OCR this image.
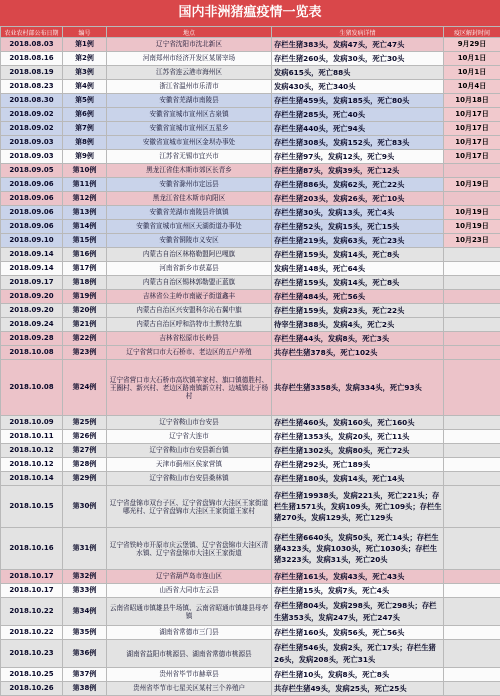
国内非洲猪瘟疫情一览表
农业农村部公布日期	编号	地点	生猪发病详情	疫区解封时间
2018.08.03	第1例	辽宁省沈阳市沈北新区	存栏生猪383头，发病47头，死亡47头	9月29日
2018.08.16	第2例	河南郑州市经济开发区某屠宰场	存栏生猪260头，发病30头，死亡30头	10月1日
2018.08.19	第3例	江苏省连云港市海州区	发病615头，死亡88头	10月1日
2018.08.23	第4例	浙江省温州市乐清市	发病430头，死亡340头	10月4日
2018.08.30	第5例	安徽省芜湖市南陵县	存栏生猪459头，发病185头，死亡80头	10月18日
2018.09.02	第6例	安徽省宣城市宣州区古泉镇	存栏生猪285头，死亡40头	10月17日
2018.09.02	第7例	安徽省宣城市宣州区五星乡	存栏生猪440头，死亡94头	10月17日
2018.09.03	第8例	安徽省宣城市宣州区金坝办事处	存栏生猪308头，发病152头，死亡83头	10月17日
2018.09.03	第9例	江苏省无锡市宜兴市	存栏生猪97头，发病12头，死亡9头	10月17日
2018.09.05	第10例	黑龙江省佳木斯市郊区长青乡	存栏生猪87头，发病39头，死亡12头	
2018.09.06	第11例	安徽省滁州市定远县	存栏生猪886头，发病62头，死亡22头	10月19日
2018.09.06	第12例	黑龙江省佳木斯市向阳区	存栏生猪203头，发病26头，死亡10头	
2018.09.06	第13例	安徽省芜湖市南陵县许镇镇	存栏生猪30头，发病13头，死亡4头	10月19日
2018.09.06	第14例	安徽省宣城市宣州区天湖街道办事处	存栏生猪52头，发病15头，死亡15头	10月19日
2018.09.10	第15例	安徽省铜陵市义安区	存栏生猪219头，发病63头，死亡23头	10月23日
2018.09.14	第16例	内蒙古自治区林格勒盟阿巴嘎旗	存栏生猪159头，发病14头，死亡8头	
2018.09.14	第17例	河南省新乡市获嘉县	发病生猪148头，死亡64头	
2018.09.17	第18例	内蒙古自治区锡林郭勒盟正蓝旗	存栏生猪159头，发病14头，死亡8头	
2018.09.20	第19例	吉林省公主岭市南崴子街道鑫丰	存栏生猪484头，死亡56头	
2018.09.20	第20例	内蒙古自治区兴安盟科尔沁右翼中旗	存栏生猪159头，发病23头，死亡22头	
2018.09.24	第21例	内蒙古自治区呼和浩特市土默特左旗	待宰生猪388头，发病4头，死亡2头	
2018.09.28	第22例	吉林省松原市长岭县	存栏生猪44头，发病8头，死亡3头	
2018.10.08	第23例	辽宁省营口市大石桥市、老边区的五户养殖	共存栏生猪378头，死亡102头	
2018.10.08	第24例	辽宁省营口市大石桥市高坎镇羊家村、旗口镇德胜村、王圈村、新兴村、老边区路南镇新立村、边城镇北于杨村	共存栏生猪3358头，发病334头，死亡93头	
2018.10.09	第25例	辽宁省鞍山市台安县	存栏生猪460头，发病160头，死亡160头	
2018.10.11	第26例	辽宁省大连市	存栏生猪1353头，发病20头，死亡11头	
2018.10.12	第27例	辽宁省鞍山市台安县新台镇	存栏生猪1302头，发病80头，死亡72头	
2018.10.12	第28例	天津市蓟州区侯家营镇	存栏生猪292头，死亡189头	
2018.10.14	第29例	辽宁省鞍山市台安县桑林镇	存栏生猪180头，发病14头，死亡14头	
2018.10.15	第30例	辽宁省盘锦市双台子区、辽宁省盘锦市大洼区王家街道哪光村、辽宁省盘锦市大洼区王家街道王家村	存栏生猪19938头，发病221头，死亡221头；存栏生猪1571头，发病109头，死亡109头；存栏生猪270头，发病129头，死亡129头	
2018.10.16	第31例	辽宁省铁岭市开原市庆云堡镇、辽宁省盘锦市大洼区清水镇、辽宁省盘锦市大洼区王家街道	存栏生猪6640头，发病50头，死亡14头；存栏生猪4323头，发病1030头，死亡1030头；存栏生猪3223头，发病31头，死亡20头	
2018.10.17	第32例	辽宁省葫芦岛市连山区	存栏生猪161头，发病43头，死亡43头	
2018.10.17	第33例	山西省大同市左云县	存栏生猪15头，发病7头，死亡4头	
2018.10.22	第34例	云南省昭通市镇雄县牛场镇、云南省昭通市镇雄县母亭镇	存栏生猪804头，发病298头，死亡298头；存栏生猪353头，发病247头，死亡247头	
2018.10.22	第35例	湖南省常德市三门县	存栏生猪160头，发病56头，死亡56头	
2018.10.23	第36例	湖南省益阳市桃源县、湖南省常德市桃源县	存栏生猪546头，发病2头，死亡17头；存栏生猪26头，发病208头，死亡31头	
2018.10.25	第37例	贵州省毕节市赫章县	存栏生猪10头，发病8头，死亡8头	
2018.10.26	第38例	贵州省毕节市七星关区某村三个养殖户	共存栏生猪49头，发病25头，死亡25头	
